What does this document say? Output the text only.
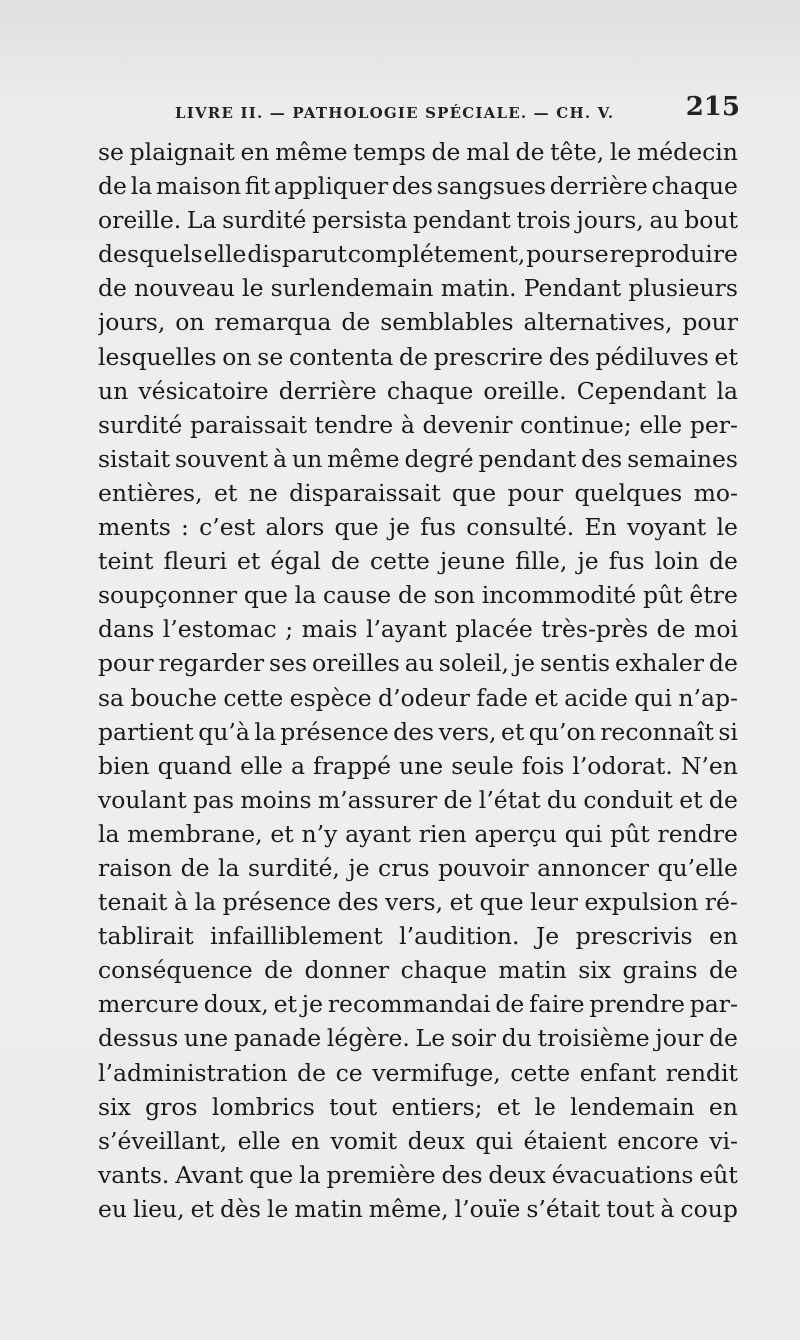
LIVRE II. — PATHOLOGIE SPÉCIALE. — CH. V.	215
se plaignait en même temps de mal de tête, le médecin
de la maison fit appliquer des sangsues derrière chaque
oreille. La surdité persista pendant trois jours, au bout
desquels elle disparut complétement, pour se reproduire
de nouveau le surlendemain matin. Pendant plusieurs
jours, on remarqua de semblables alternatives, pour
lesquelles on se contenta de prescrire des pédiluves et
un vésicatoire derrière chaque oreille. Cependant la
surdité paraissait tendre à devenir continue; elle per-
sistait souvent à un même degré pendant des semaines
entières, et ne disparaissait que pour quelques mo-
ments : c’est alors que je fus consulté. En voyant le
teint fleuri et égal de cette jeune fille, je fus loin de
soupçonner que la cause de son incommodité pût être
dans l’estomac ; mais l’ayant placée très-près de moi
pour regarder ses oreilles au soleil, je sentis exhaler de
sa bouche cette espèce d’odeur fade et acide qui n’ap-
partient qu’à la présence des vers, et qu’on reconnaît si
bien quand elle a frappé une seule fois l’odorat. N’en
voulant pas moins m’assurer de l’état du conduit et de
la membrane, et n’y ayant rien aperçu qui pût rendre
raison de la surdité, je crus pouvoir annoncer qu’elle
tenait à la présence des vers, et que leur expulsion ré-
tablirait infailliblement l’audition. Je prescrivis en
conséquence de donner chaque matin six grains de
mercure doux, et je recommandai de faire prendre par-
dessus une panade légère. Le soir du troisième jour de
l’administration de ce vermifuge, cette enfant rendit
six gros lombrics tout entiers; et le lendemain en
s’éveillant, elle en vomit deux qui étaient encore vi-
vants. Avant que la première des deux évacuations eût
eu lieu, et dès le matin même, l’ouïe s’était tout à coup
